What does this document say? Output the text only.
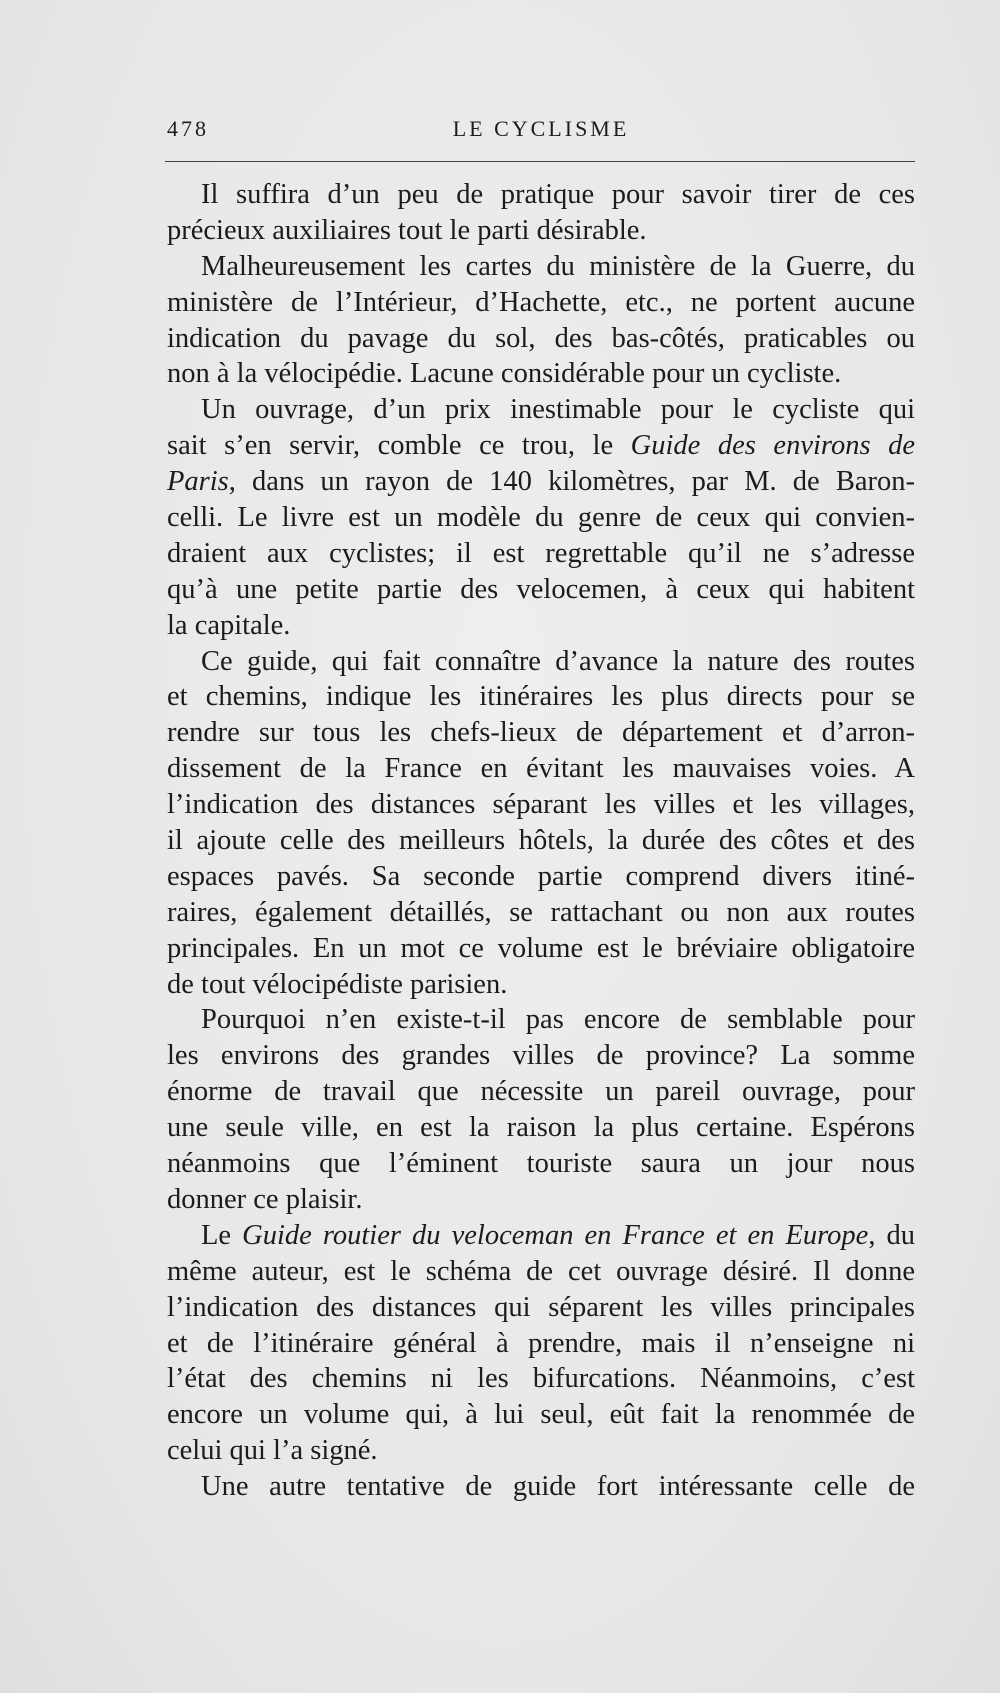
478	LE CYCLISME
Il suffira d’un peu de pratique pour savoir tirer de ces
précieux auxiliaires tout le parti désirable.
Malheureusement les cartes du ministère de la Guerre, du
ministère de l’Intérieur, d’Hachette, etc., ne portent aucune
indication du pavage du sol, des bas-côtés, praticables ou
non à la vélocipédie. Lacune considérable pour un cycliste.
Un ouvrage, d’un prix inestimable pour le cycliste qui
sait s’en servir, comble ce trou, le Guide des environs de
Paris, dans un rayon de 140 kilomètres, par M. de Baron-
celli. Le livre est un modèle du genre de ceux qui convien-
draient aux cyclistes; il est regrettable qu’il ne s’adresse
qu’à une petite partie des velocemen, à ceux qui habitent
la capitale.
Ce guide, qui fait connaître d’avance la nature des routes
et chemins, indique les itinéraires les plus directs pour se
rendre sur tous les chefs-lieux de département et d’arron-
dissement de la France en évitant les mauvaises voies. A
l’indication des distances séparant les villes et les villages,
il ajoute celle des meilleurs hôtels, la durée des côtes et des
espaces pavés. Sa seconde partie comprend divers itiné-
raires, également détaillés, se rattachant ou non aux routes
principales. En un mot ce volume est le bréviaire obligatoire
de tout vélocipédiste parisien.
Pourquoi n’en existe-t-il pas encore de semblable pour
les environs des grandes villes de province? La somme
énorme de travail que nécessite un pareil ouvrage, pour
une seule ville, en est la raison la plus certaine. Espérons
néanmoins que l’éminent touriste saura un jour nous
donner ce plaisir.
Le Guide routier du veloceman en France et en Europe, du
même auteur, est le schéma de cet ouvrage désiré. Il donne
l’indication des distances qui séparent les villes principales
et de l’itinéraire général à prendre, mais il n’enseigne ni
l’état des chemins ni les bifurcations. Néanmoins, c’est
encore un volume qui, à lui seul, eût fait la renommée de
celui qui l’a signé.
Une autre tentative de guide fort intéressante celle de
